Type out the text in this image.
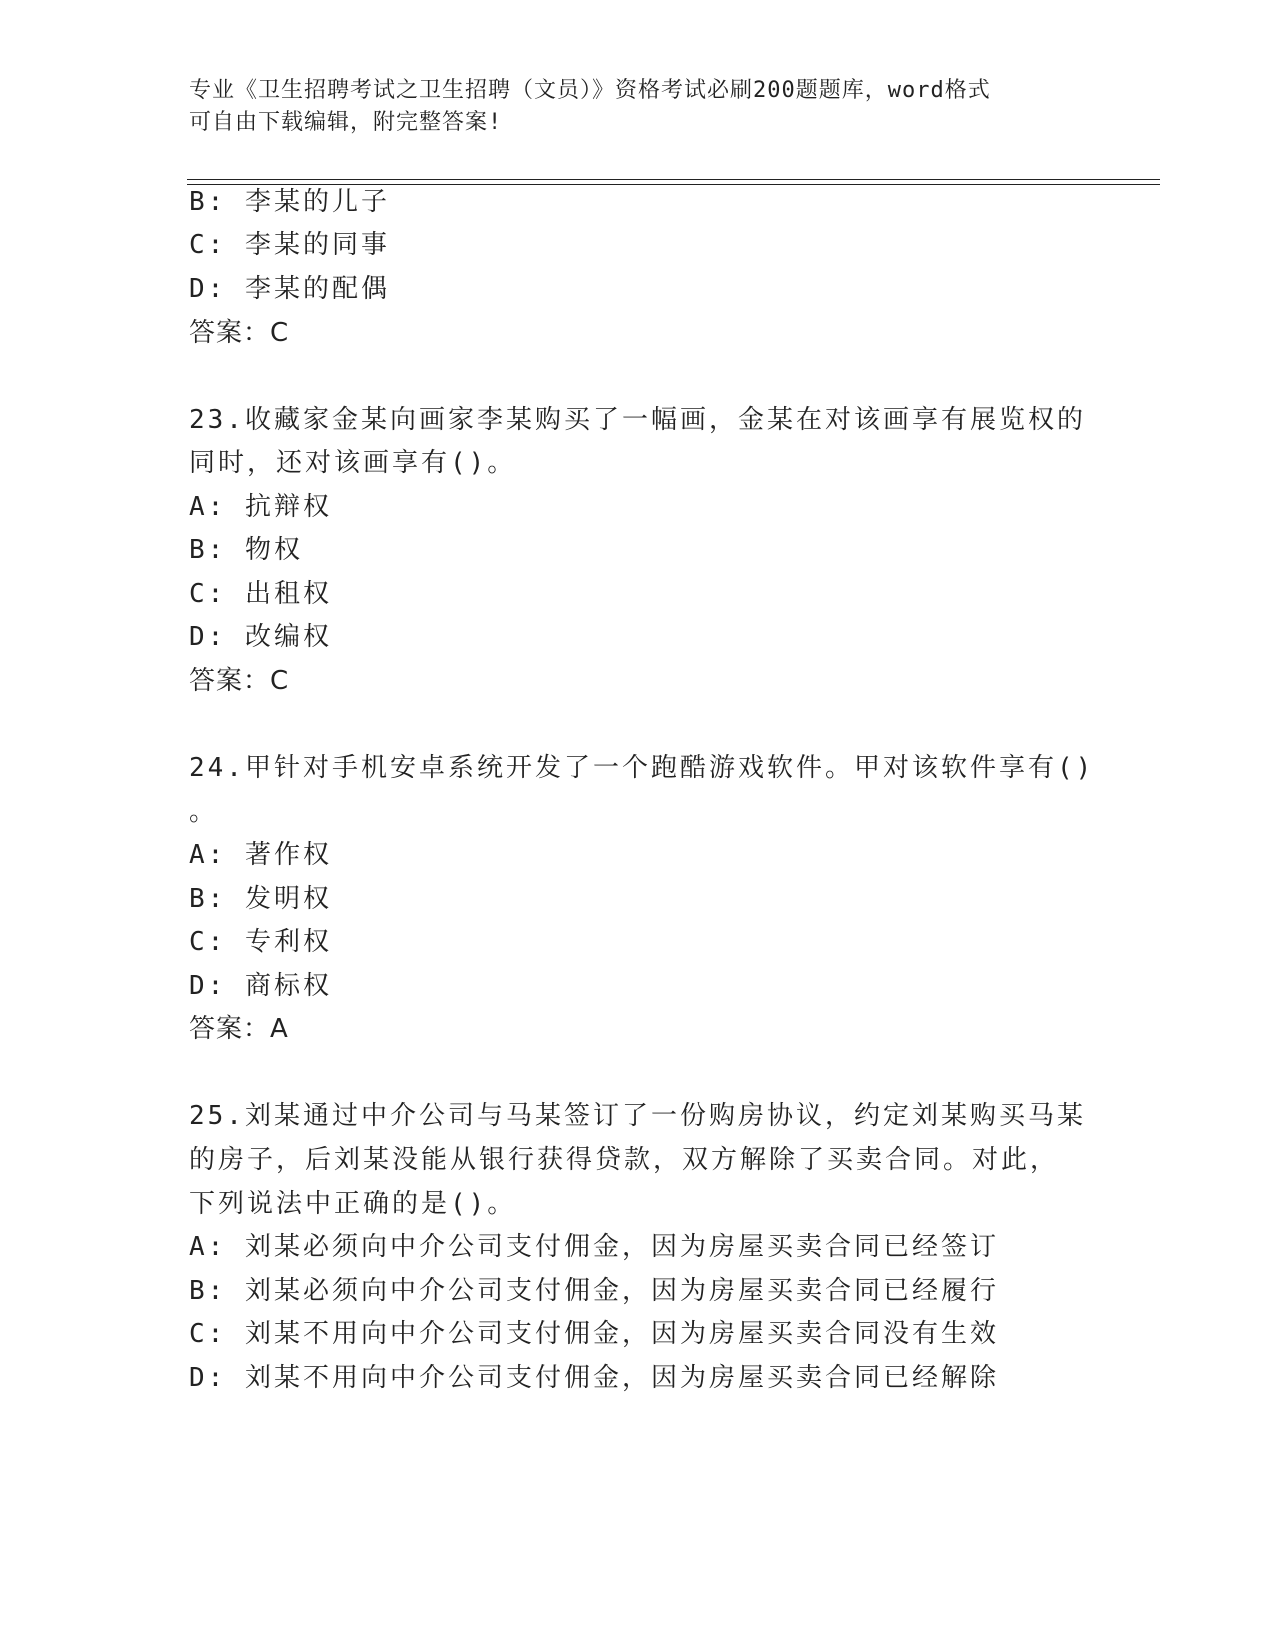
专业《卫生招聘考试之卫生招聘（文员）》资格考试必刷200题题库，word格式
可自由下载编辑，附完整答案!
B: 李某的儿子
C: 李某的同事
D: 李某的配偶
答案：C
23.收藏家金某向画家李某购买了一幅画，金某在对该画享有展览权的
同时，还对该画享有()。
A: 抗辩权
B: 物权
C: 出租权
D: 改编权
答案：C
24.甲针对手机安卓系统开发了一个跑酷游戏软件。甲对该软件享有()
。
A: 著作权
B: 发明权
C: 专利权
D: 商标权
答案：A
25.刘某通过中介公司与马某签订了一份购房协议，约定刘某购买马某
的房子，后刘某没能从银行获得贷款，双方解除了买卖合同。对此，
下列说法中正确的是()。
A: 刘某必须向中介公司支付佣金，因为房屋买卖合同已经签订
B: 刘某必须向中介公司支付佣金，因为房屋买卖合同已经履行
C: 刘某不用向中介公司支付佣金，因为房屋买卖合同没有生效
D: 刘某不用向中介公司支付佣金，因为房屋买卖合同已经解除
